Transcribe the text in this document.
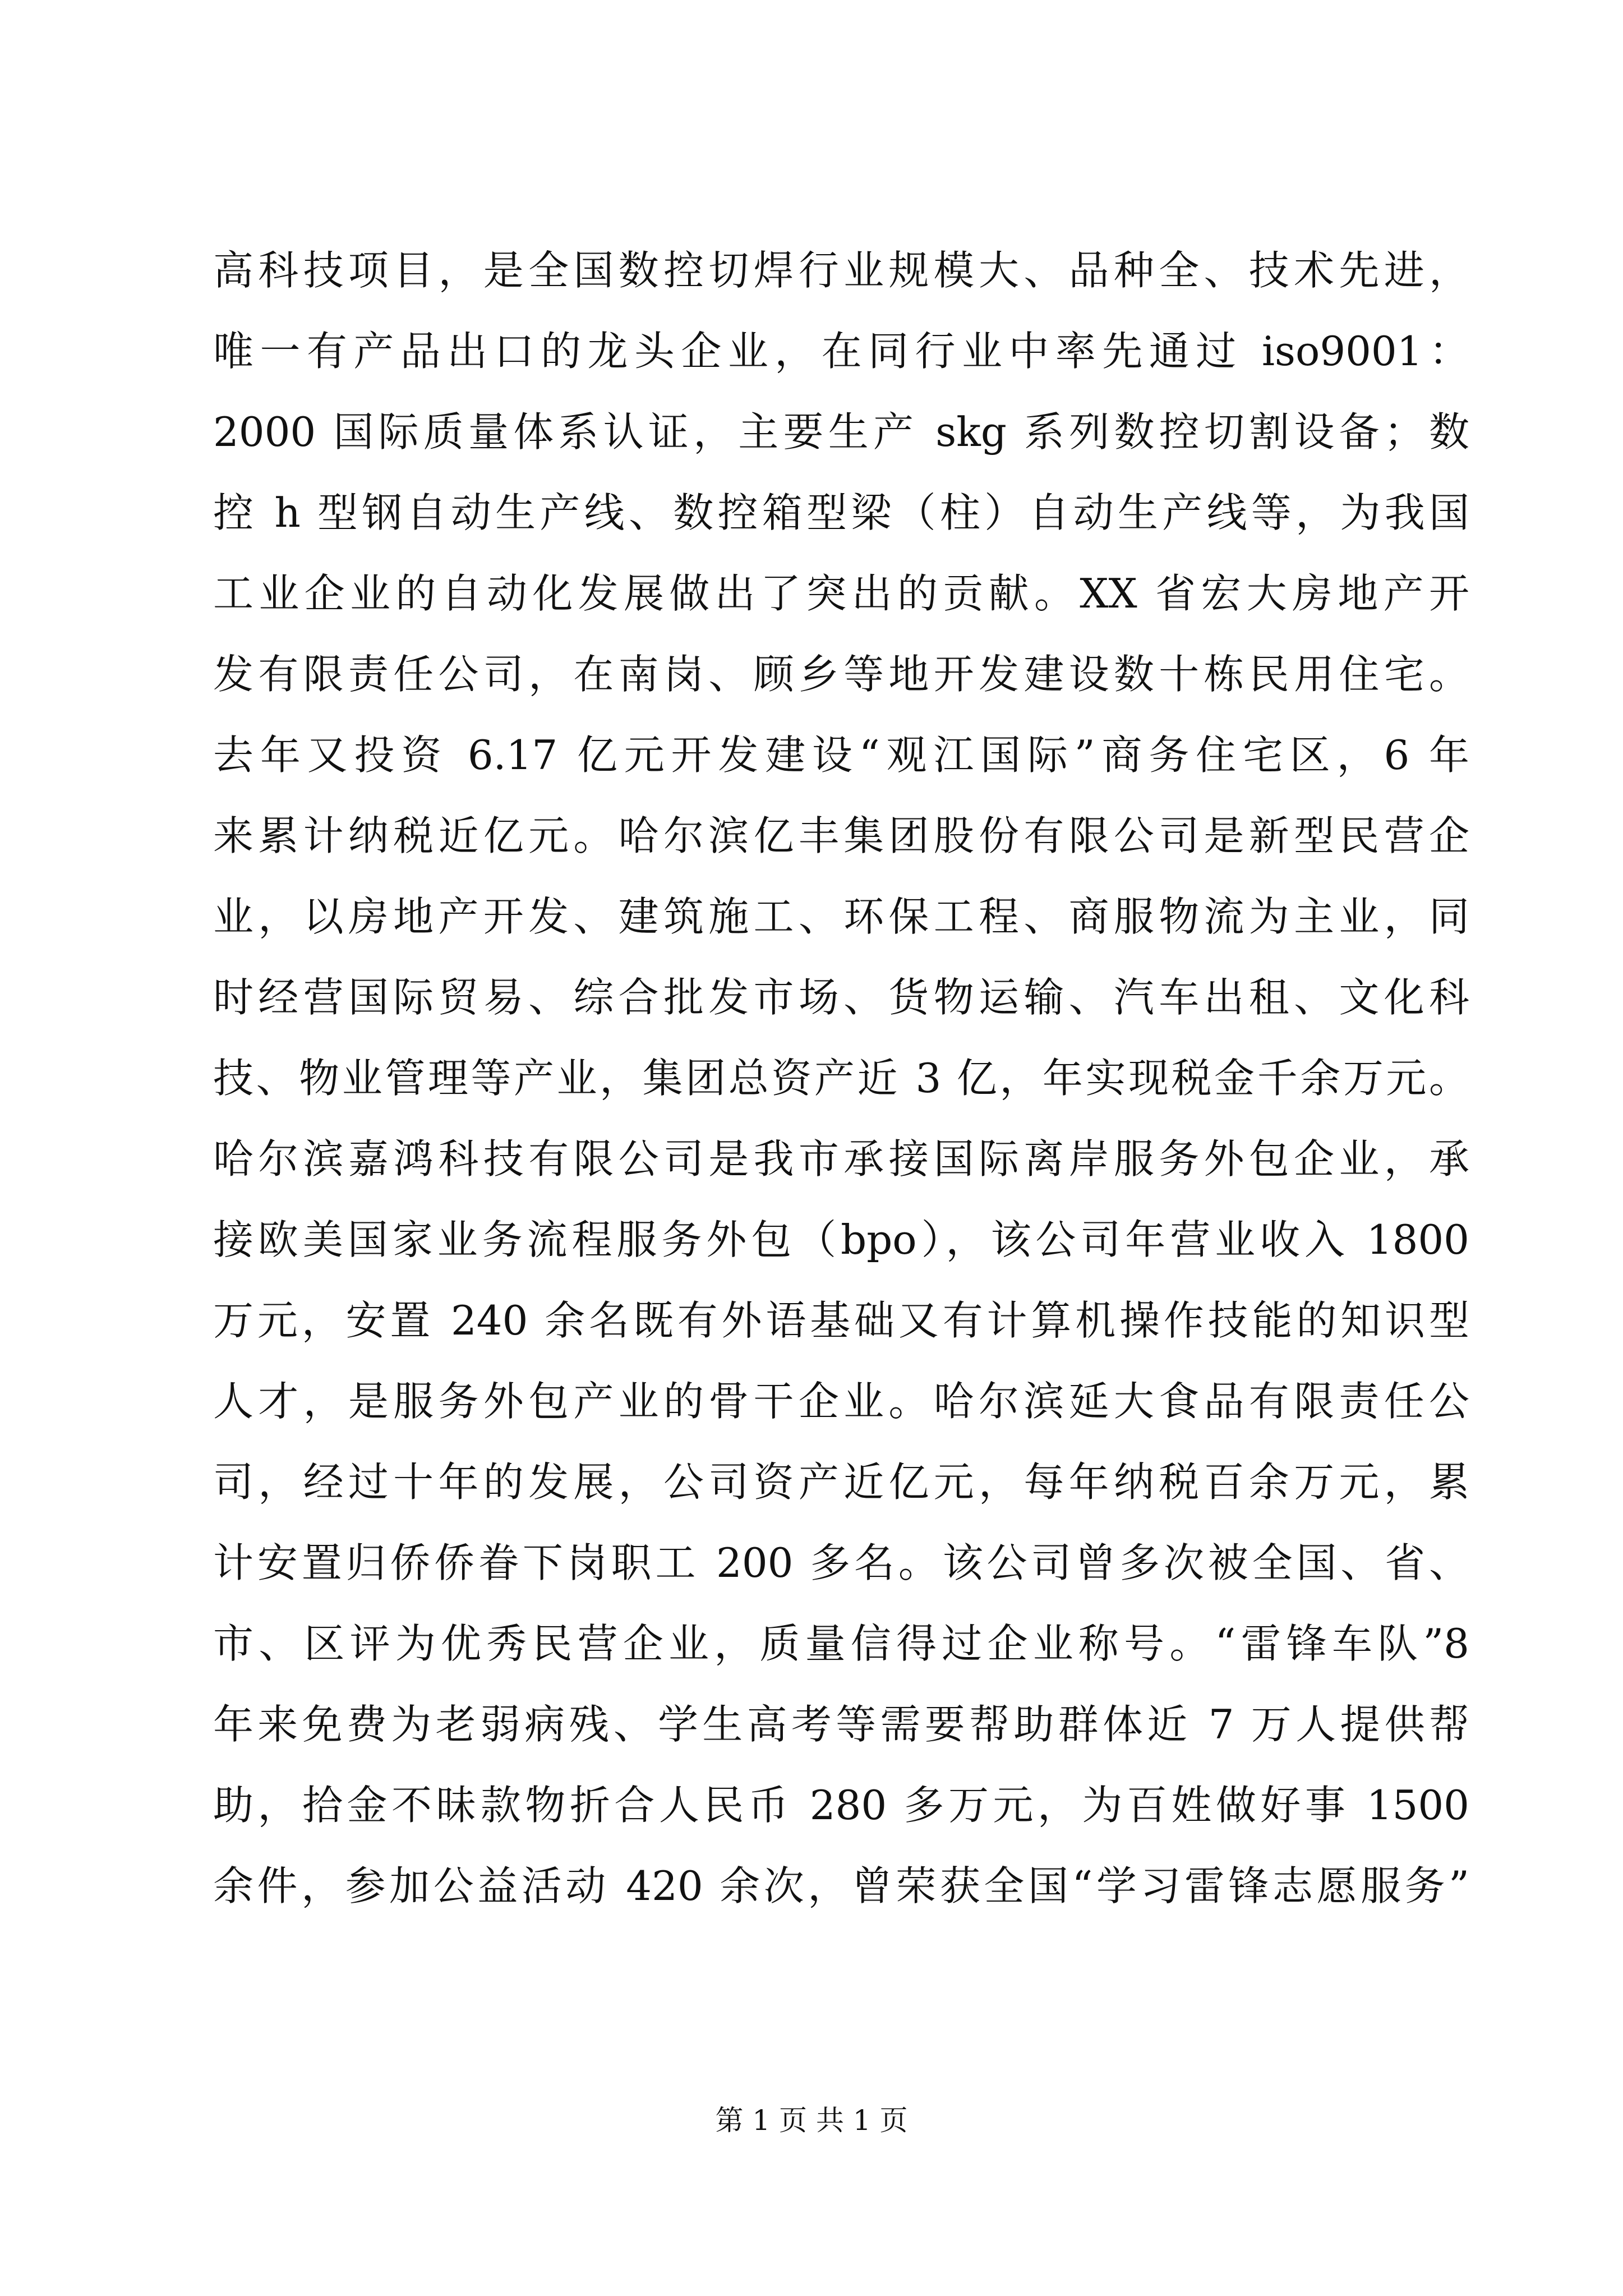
高科技项目，是全国数控切焊行业规模大、品种全、技术先进，
唯一有产品出口的龙头企业，在同行业中率先通过 iso9001：
2000 国际质量体系认证，主要生产 skg 系列数控切割设备；数
控 h 型钢自动生产线、数控箱型梁（柱）自动生产线等，为我国
工业企业的自动化发展做出了突出的贡献。XX 省宏大房地产开
发有限责任公司，在南岗、顾乡等地开发建设数十栋民用住宅。
去年又投资 6.17 亿元开发建设“观江国际”商务住宅区，6 年
来累计纳税近亿元。哈尔滨亿丰集团股份有限公司是新型民营企
业，以房地产开发、建筑施工、环保工程、商服物流为主业，同
时经营国际贸易、综合批发市场、货物运输、汽车出租、文化科
技、物业管理等产业，集团总资产近 3 亿，年实现税金千余万元。
哈尔滨嘉鸿科技有限公司是我市承接国际离岸服务外包企业，承
接欧美国家业务流程服务外包（bpo），该公司年营业收入 1800
万元，安置 240 余名既有外语基础又有计算机操作技能的知识型
人才，是服务外包产业的骨干企业。哈尔滨延大食品有限责任公
司，经过十年的发展，公司资产近亿元，每年纳税百余万元，累
计安置归侨侨眷下岗职工 200 多名。该公司曾多次被全国、省、
市、区评为优秀民营企业，质量信得过企业称号。“雷锋车队”8
年来免费为老弱病残、学生高考等需要帮助群体近 7 万人提供帮
助，拾金不昧款物折合人民币 280 多万元，为百姓做好事 1500
余件，参加公益活动 420 余次，曾荣获全国“学习雷锋志愿服务”
第 1 页 共 1 页
